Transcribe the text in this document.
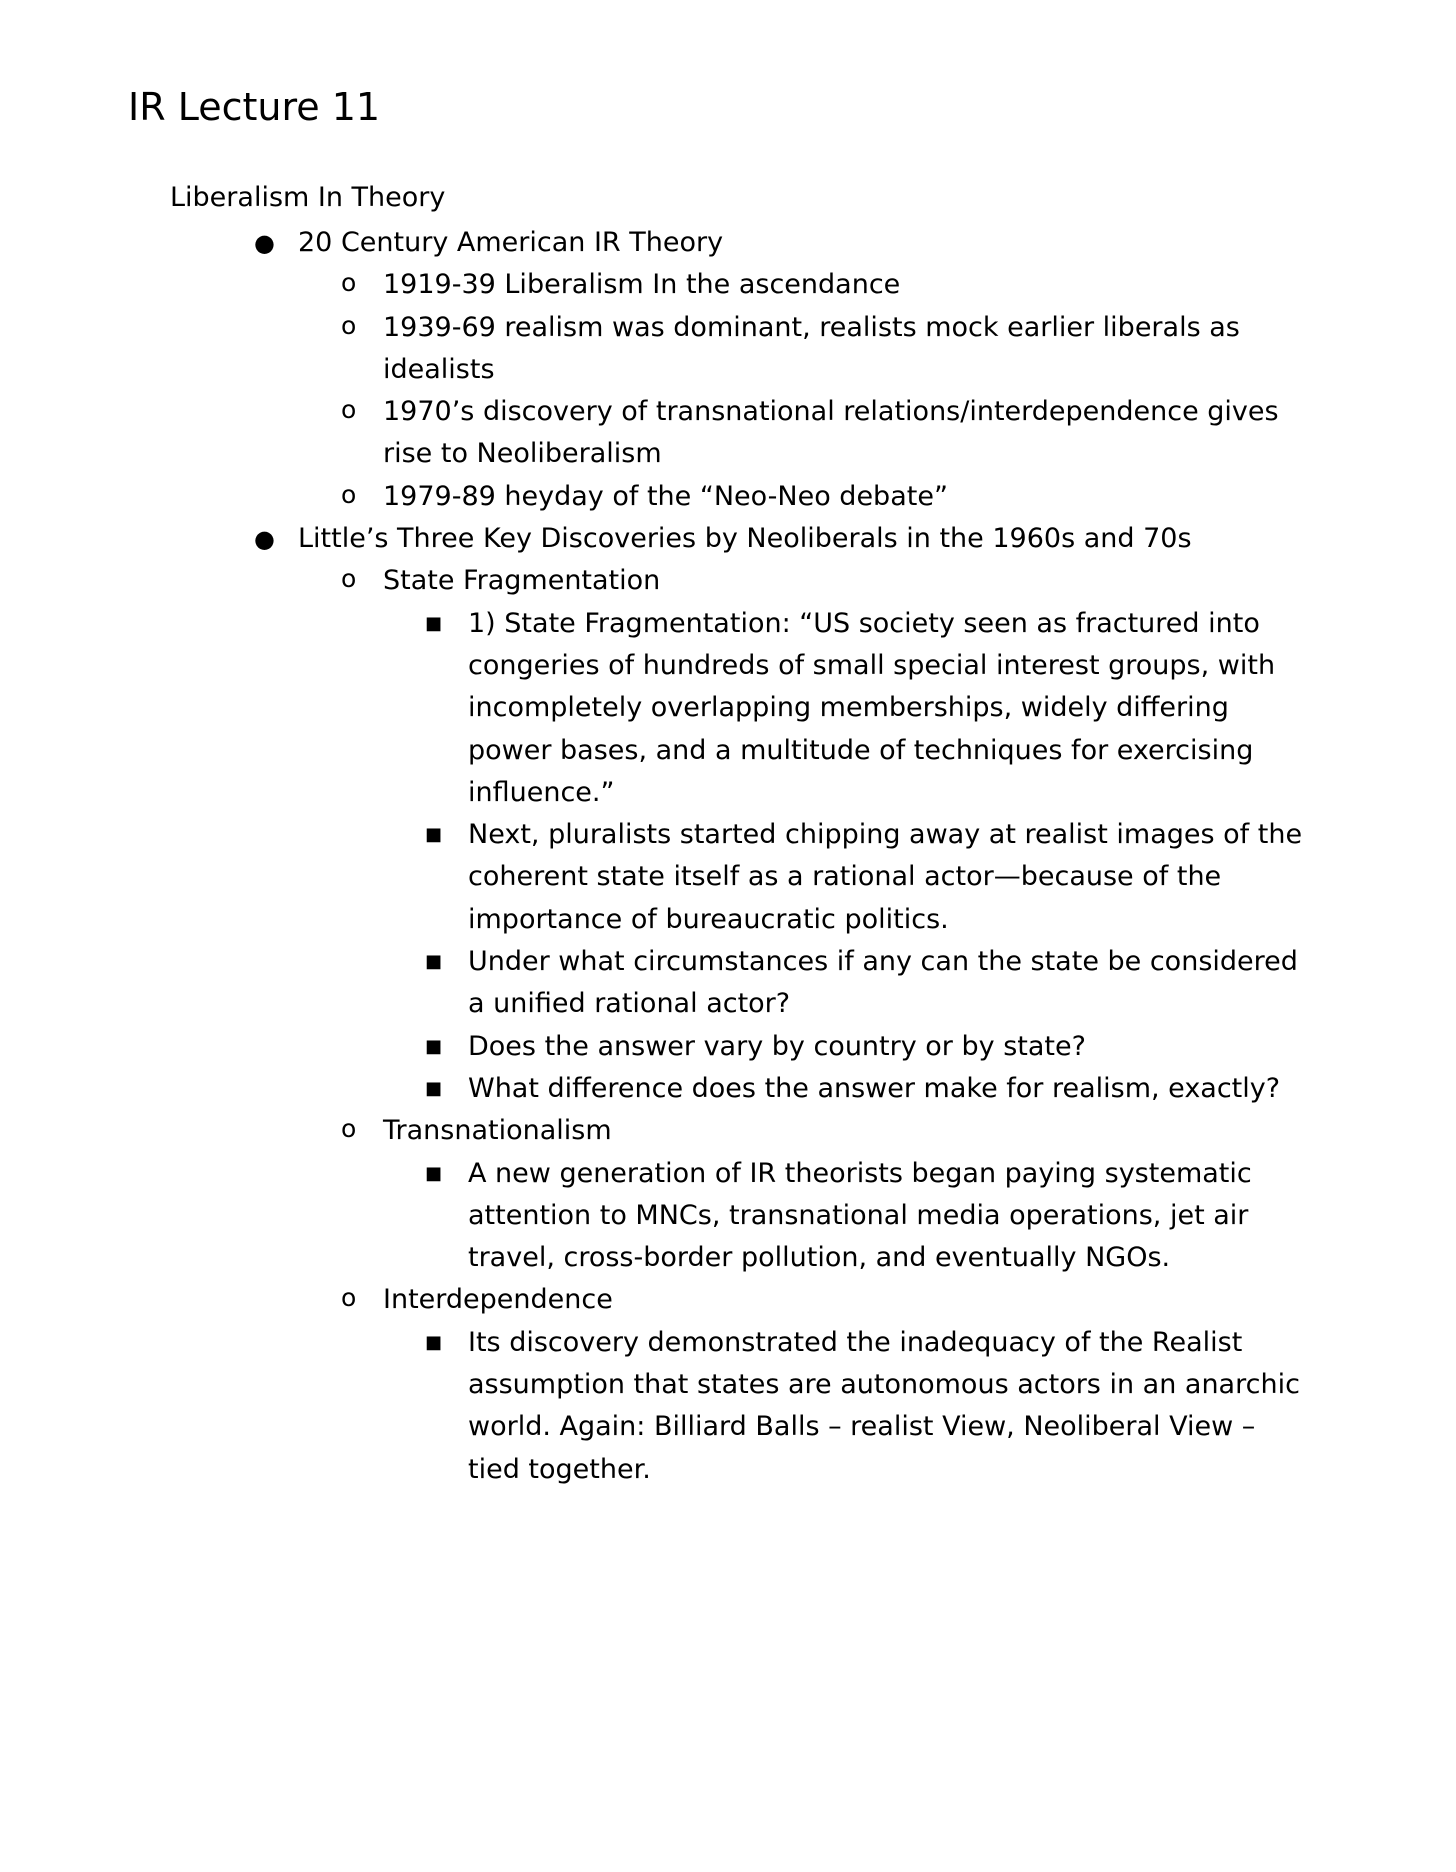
IR Lecture 11
Liberalism In Theory
● 20 Century American IR Theory
o 1919-39 Liberalism In the ascendance
o 1939-69 realism was dominant, realists mock earlier liberals as idealists
o 1970’s discovery of transnational relations/interdependence gives rise to Neoliberalism
o 1979-89 heyday of the “Neo-Neo debate”
● Little’s Three Key Discoveries by Neoliberals in the 1960s and 70s
o State Fragmentation
■ 1) State Fragmentation: “US society seen as fractured into congeries of hundreds of small special interest groups, with incompletely overlapping memberships, widely differing power bases, and a multitude of techniques for exercising influence.”
■ Next, pluralists started chipping away at realist images of the coherent state itself as a rational actor—because of the importance of bureaucratic politics.
■ Under what circumstances if any can the state be considered a unified rational actor?
■ Does the answer vary by country or by state?
■ What difference does the answer make for realism, exactly?
o Transnationalism
■ A new generation of IR theorists began paying systematic attention to MNCs, transnational media operations, jet air travel, cross-border pollution, and eventually NGOs.
o Interdependence
■ Its discovery demonstrated the inadequacy of the Realist assumption that states are autonomous actors in an anarchic world. Again: Billiard Balls – realist View, Neoliberal View – tied together.
